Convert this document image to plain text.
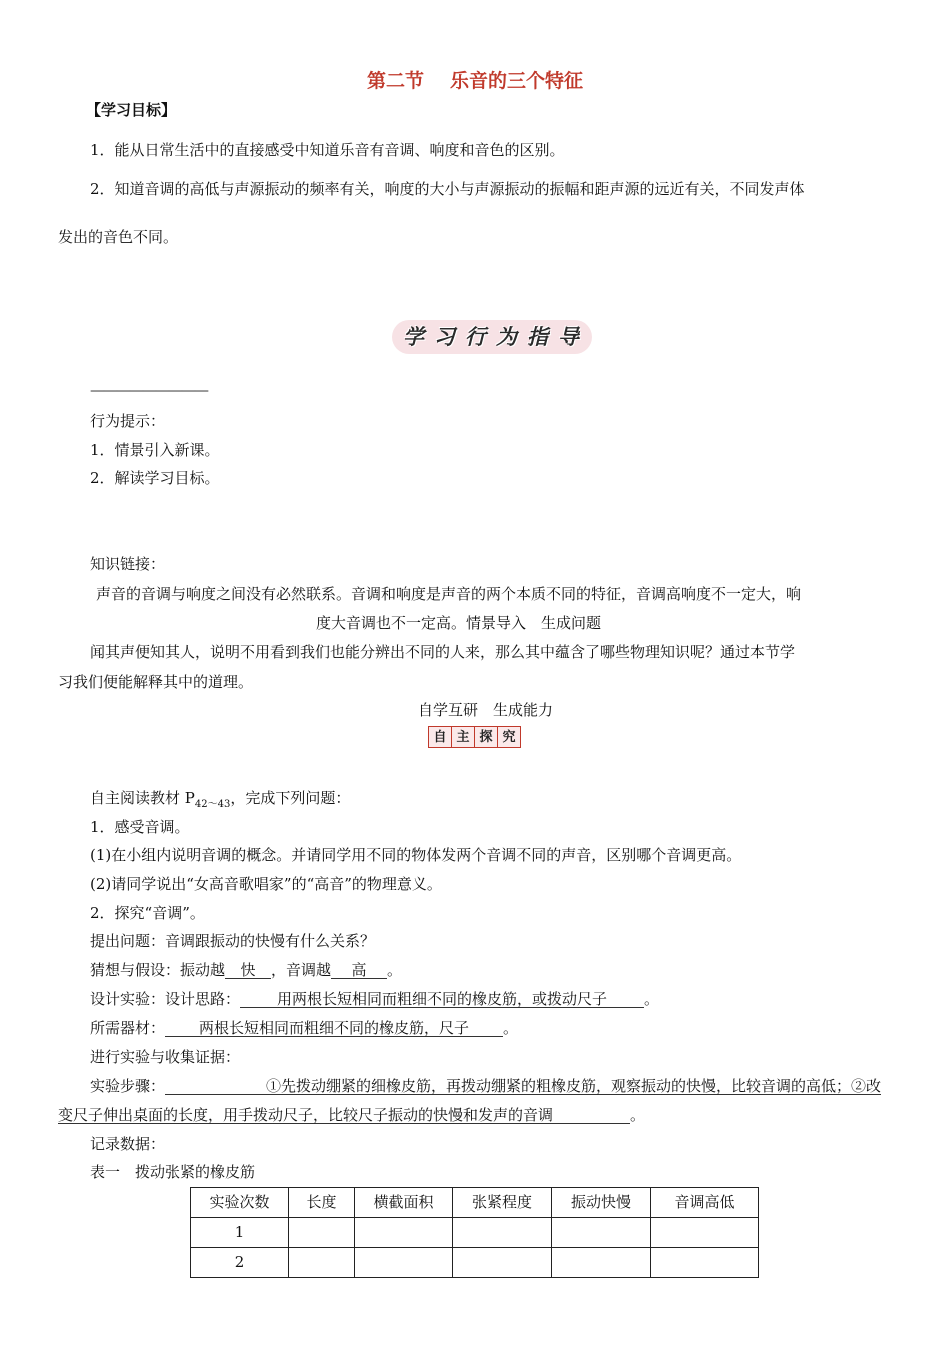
第二节 乐音的三个特征
【学习目标】
1．能从日常生活中的直接感受中知道乐音有音调、响度和音色的区别。
2．知道音调的高低与声源振动的频率有关，响度的大小与声源振动的振幅和距声源的远近有关，不同发声体
发出的音色不同。
学 习 行 为 指 导
—————————
行为提示：
1．情景引入新课。
2．解读学习目标。
知识链接：
声音的音调与响度之间没有必然联系。音调和响度是声音的两个本质不同的特征，音调高响度不一定大，响
度大音调也不一定高。情景导入　生成问题
闻其声便知其人，说明不用看到我们也能分辨出不同的人来，那么其中蕴含了哪些物理知识呢？通过本节学
习我们便能解释其中的道理。
自学互研　生成能力
自 主 探 究
自主阅读教材 $P_{42\sim 43}$，完成下列问题：
1．感受音调。
(1)在小组内说明音调的概念。并请同学用不同的物体发两个音调不同的声音，区别哪个音调更高。
(2)请同学说出“女高音歌唱家”的“高音”的物理意义。
2．探究“音调”。
提出问题：音调跟振动的快慢有什么关系？
猜想与假设：振动越 快 ，音调越 高 。
设计实验：设计思路： 用两根长短相同而粗细不同的橡皮筋，或拨动尺子 。
所需器材： 两根长短相同而粗细不同的橡皮筋，尺子 。
进行实验与收集证据：
实验步骤：	①先拨动绷紧的细橡皮筋，再拨动绷紧的粗橡皮筋，观察振动的快慢，比较音调的高低；②改
变尺子伸出桌面的长度，用手拨动尺子，比较尺子振动的快慢和发声的音调	。
记录数据：
表一　拨动张紧的橡皮筋
实验次数	长度	横截面积	张紧程度	振动快慢	音调高低
1					
2					
